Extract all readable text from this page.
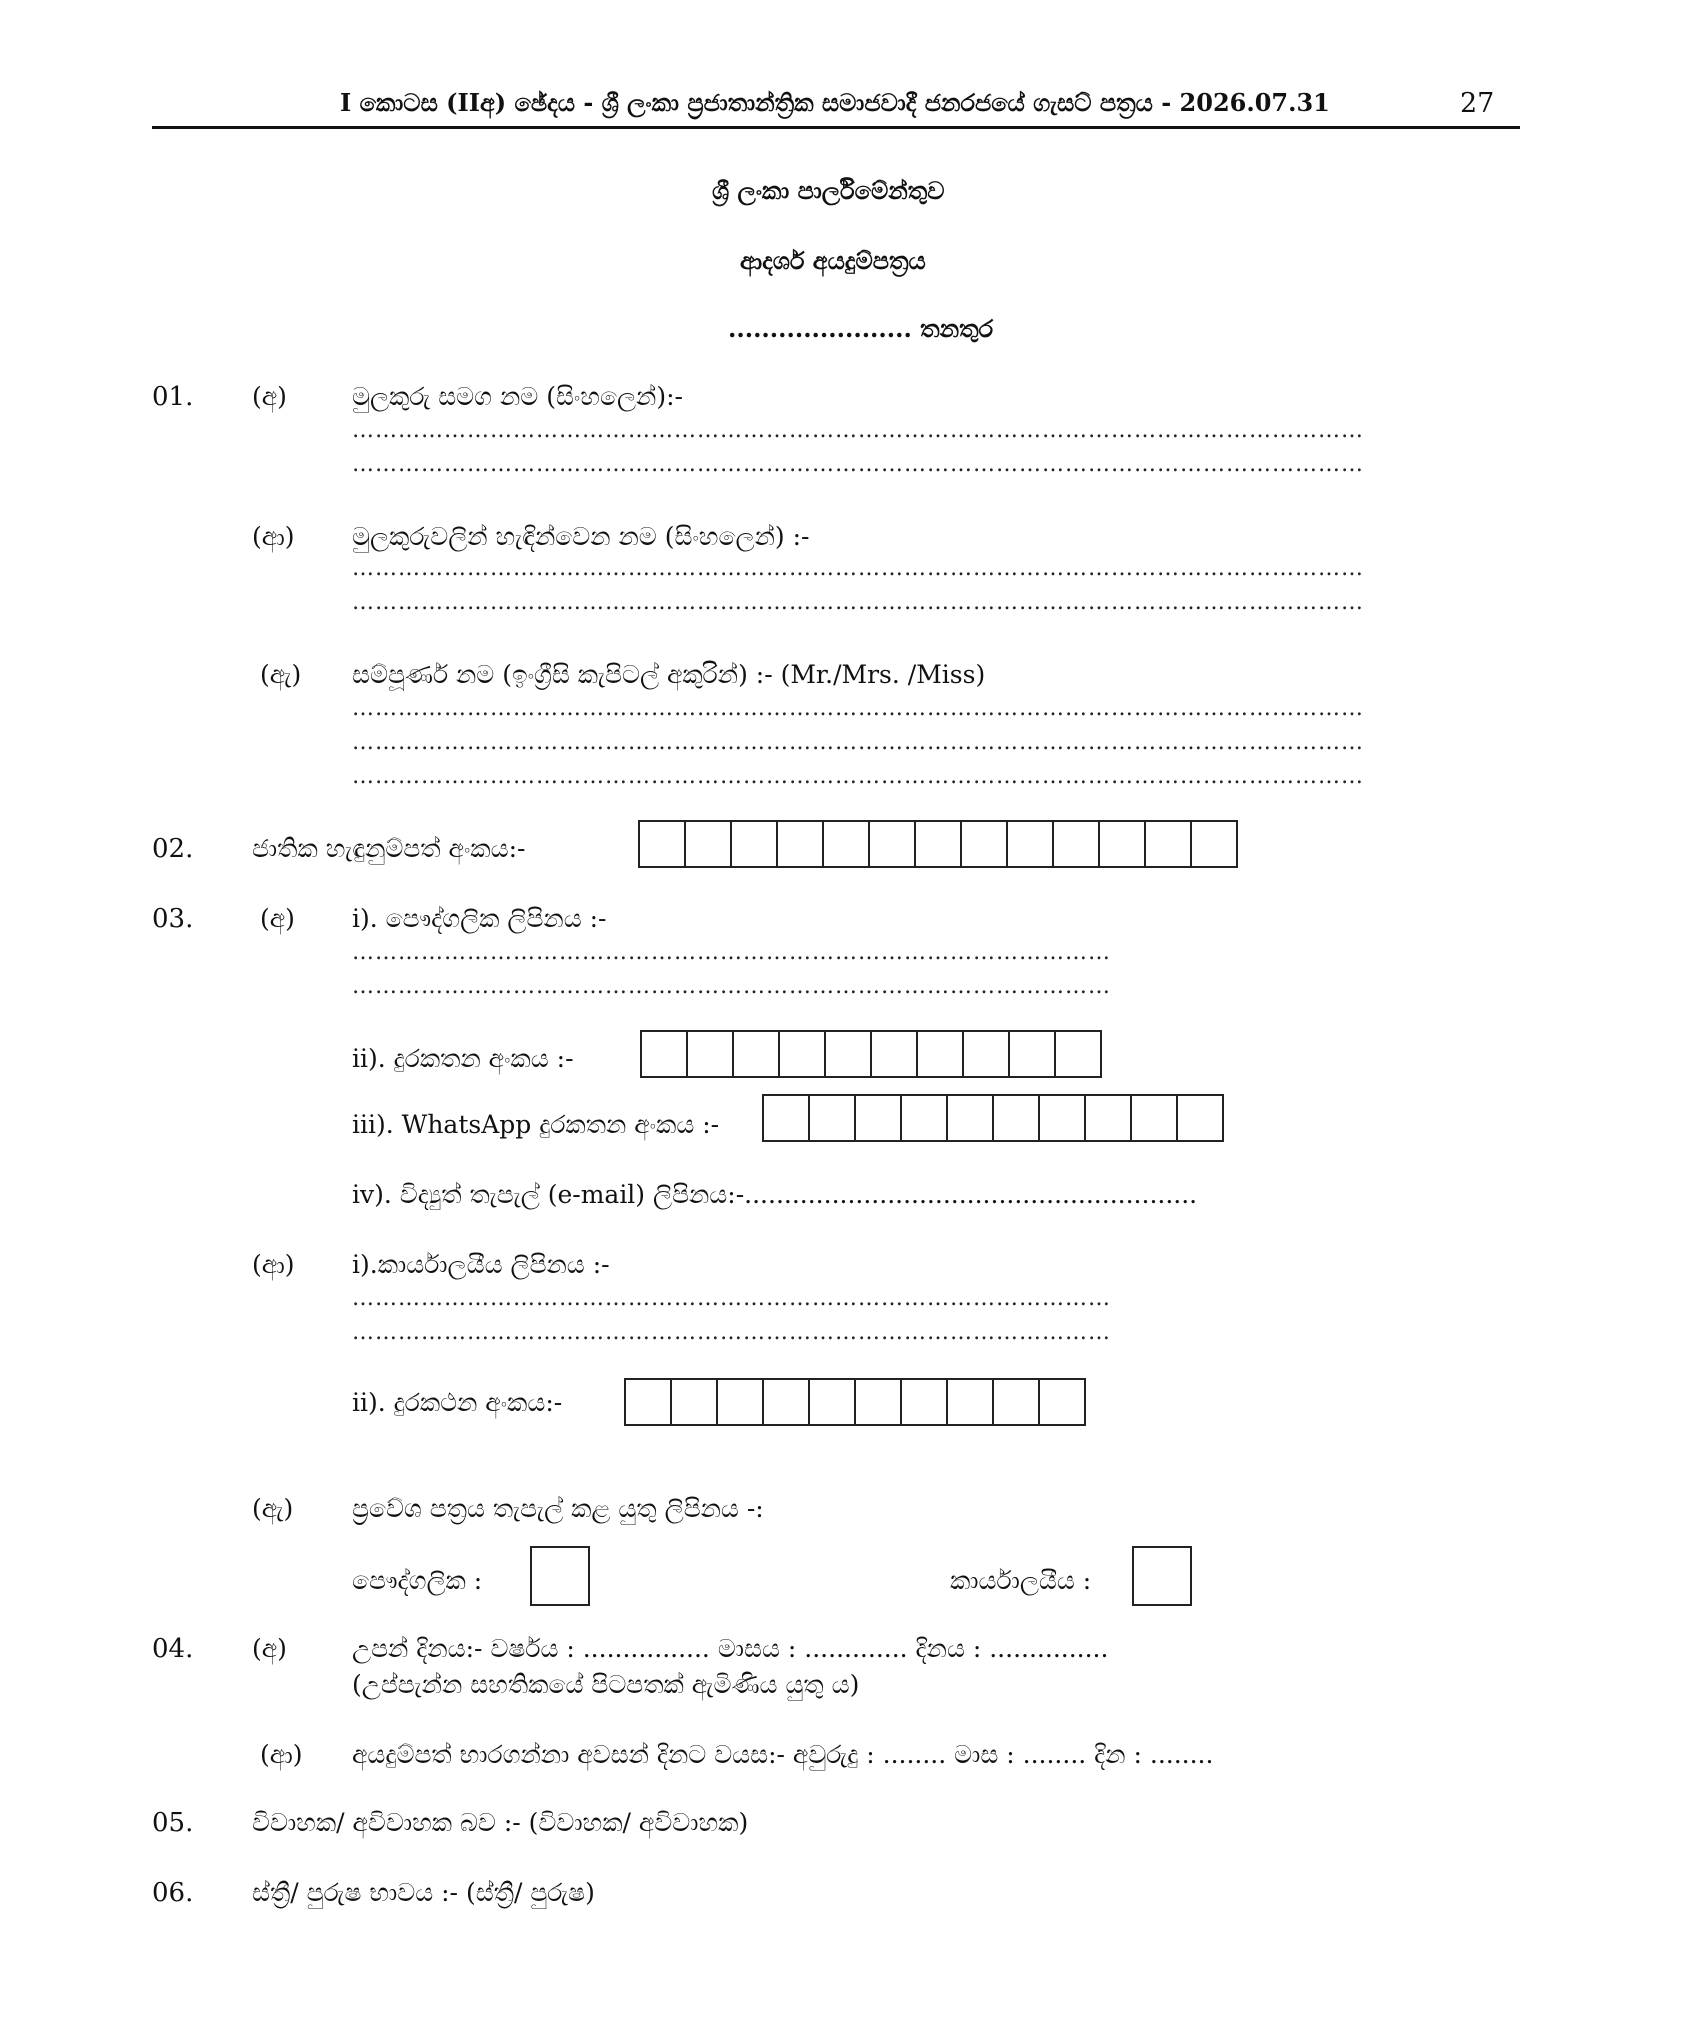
I කොටස (IIඅ) ඡේදය - ශ්‍රී ලංකා ප්‍රජාතාන්ත්‍රික සමාජවාදී ජනරජයේ ගැසට් පත්‍රය - 2026.07.31	27
ශ්‍රී ලංකා පාර්ලිමේන්තුව
ආදර්ශ අයදුම්පත්‍රය
...................... තනතුර
01. (අ)	මුලකුරු සමග නම (සිංහලෙන්):-
……………………………………………………………………………………………………………………
……………………………………………………………………………………………………………………
(ආ) මුලකුරුවලින් හැඳින්වෙන නම (සිංහලෙන්) :-
……………………………………………………………………………………………………………………
……………………………………………………………………………………………………………………
(ඇ) සම්පූර්ණ නම (ඉංග්‍රීසි කැපිටල් අකුරින්) :- (Mr./Mrs. /Miss)
……………………………………………………………………………………………………………………
……………………………………………………………………………………………………………………
……………………………………………………………………………………………………………………
02. ජාතික හැඳුනුම්පත් අංකය:-
03.	(අ) i). පෞද්ගලික ලිපිනය :-
………………………………………………………………………………………
………………………………………………………………………………………
ii). දුරකතන අංකය :-
iii). WhatsApp දුරකතන අංකය :-
iv). විද්‍යුත් තැපැල් (e-mail) ලිපිනය:-.........................................................
(ආ) i).කාර්යාලයීය ලිපිනය :-
………………………………………………………………………………………
………………………………………………………………………………………
ii). දුරකථන අංකය:-
(ඇ) ප්‍රවේශ පත්‍රය තැපැල් කළ යුතු ලිපිනය -:
පෞද්ගලික :	කාර්යාලයීය :
04. (අ)	උපන් දිනය:- වර්ෂය : ................ මාසය : ............. දිනය : ...............
(උප්පැන්න සහතිකයේ පිටපතක් ඇමිණිය යුතු ය)
(ආ) අයදුම්පත් භාරගන්නා අවසන් දිනට වයස:- අවුරුදු : ........ මාස : ........ දින : ........
05. විවාහක/ අවිවාහක බව :- (විවාහක/ අවිවාහක)
06. ස්ත්‍රී/ පුරුෂ භාවය :- (ස්ත්‍රී/ පුරුෂ)
